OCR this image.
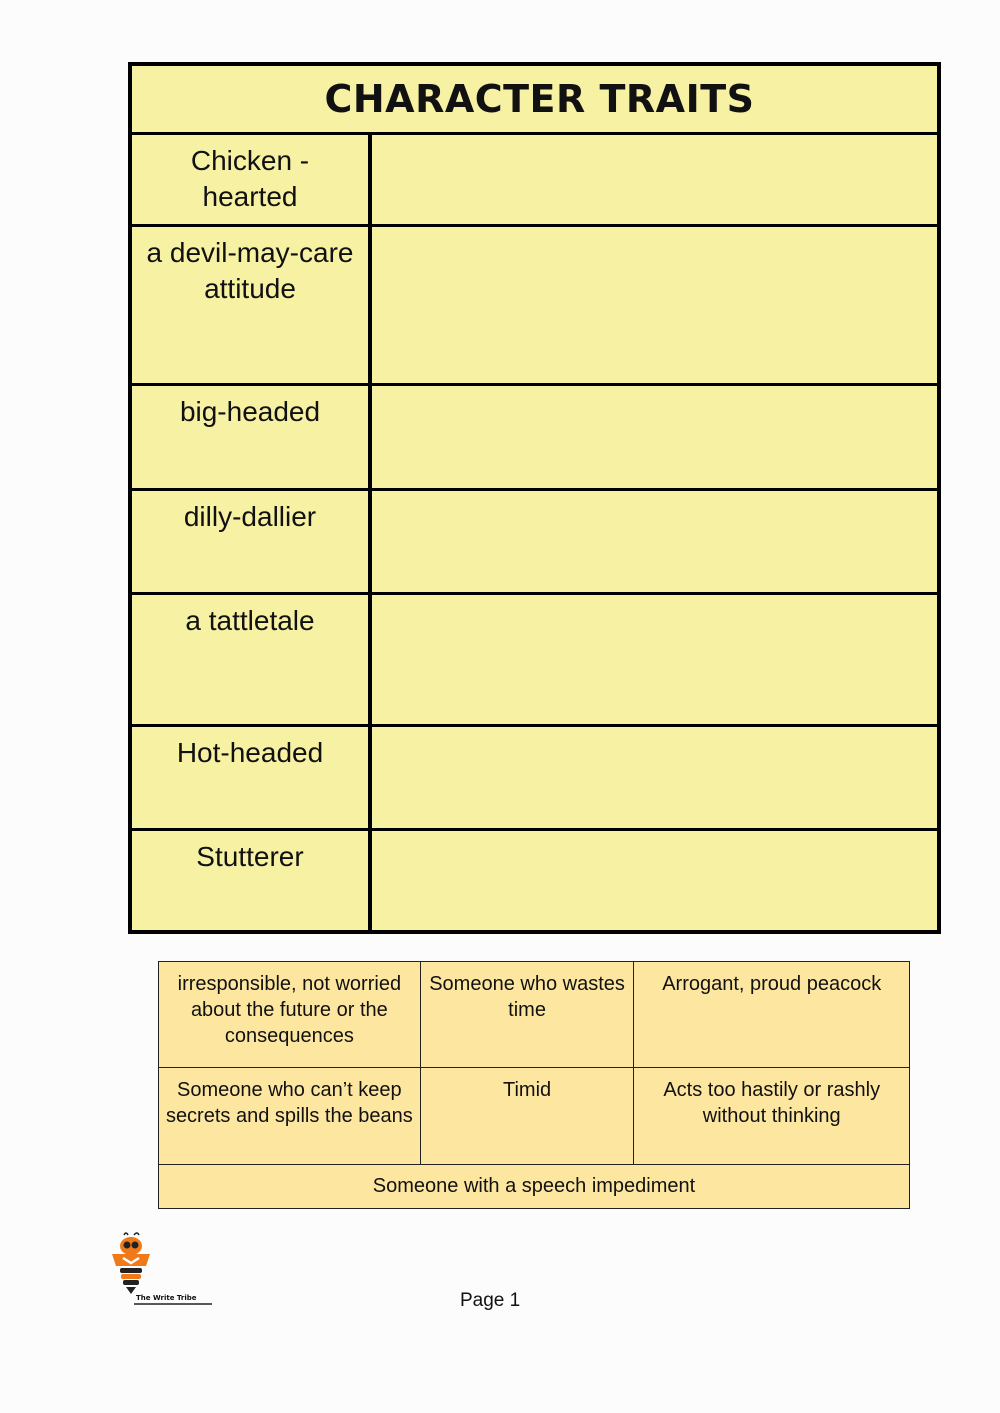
CHARACTER TRAITS
Chicken - hearted
a devil-may-care attitude
big-headed
dilly-dallier
a tattletale
Hot-headed
Stutterer
irresponsible, not worried about the future or the consequences	Someone who wastes time	Arrogant, proud peacock
Someone who can’t keep secrets and spills the beans	Timid	Acts too hastily or rashly without thinking
Someone with a speech impediment		
The Write Tribe	Page 1
